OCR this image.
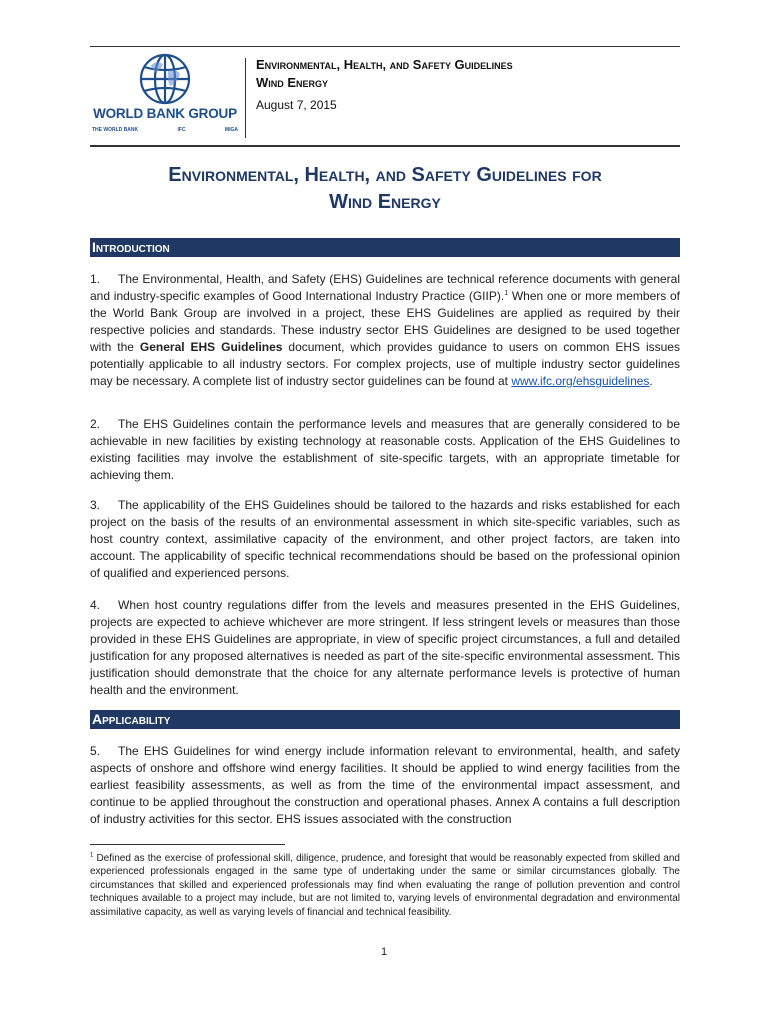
WORLD BANK GROUP
THE WORLD BANK	IFC	MIGA
Environmental, Health, and Safety Guidelines
Wind Energy
August 7, 2015
Environmental, Health, and Safety Guidelines for
Wind Energy
Introduction
1. The Environmental, Health, and Safety (EHS) Guidelines are technical reference documents with general and industry-specific examples of Good International Industry Practice (GIIP).$^1$ When one or more members of the World Bank Group are involved in a project, these EHS Guidelines are applied as required by their respective policies and standards. These industry sector EHS Guidelines are designed to be used together with the General EHS Guidelines document, which provides guidance to users on common EHS issues potentially applicable to all industry sectors. For complex projects, use of multiple industry sector guidelines may be necessary. A complete list of industry sector guidelines can be found at www.ifc.org/ehsguidelines.
2. The EHS Guidelines contain the performance levels and measures that are generally considered to be achievable in new facilities by existing technology at reasonable costs. Application of the EHS Guidelines to existing facilities may involve the establishment of site-specific targets, with an appropriate timetable for achieving them.
3. The applicability of the EHS Guidelines should be tailored to the hazards and risks established for each project on the basis of the results of an environmental assessment in which site-specific variables, such as host country context, assimilative capacity of the environment, and other project factors, are taken into account. The applicability of specific technical recommendations should be based on the professional opinion of qualified and experienced persons.
4. When host country regulations differ from the levels and measures presented in the EHS Guidelines, projects are expected to achieve whichever are more stringent. If less stringent levels or measures than those provided in these EHS Guidelines are appropriate, in view of specific project circumstances, a full and detailed justification for any proposed alternatives is needed as part of the site-specific environmental assessment. This justification should demonstrate that the choice for any alternate performance levels is protective of human health and the environment.
Applicability
5. The EHS Guidelines for wind energy include information relevant to environmental, health, and safety aspects of onshore and offshore wind energy facilities. It should be applied to wind energy facilities from the earliest feasibility assessments, as well as from the time of the environmental impact assessment, and continue to be applied throughout the construction and operational phases. Annex A contains a full description of industry activities for this sector. EHS issues associated with the construction
$^1$ Defined as the exercise of professional skill, diligence, prudence, and foresight that would be reasonably expected from skilled and experienced professionals engaged in the same type of undertaking under the same or similar circumstances globally. The circumstances that skilled and experienced professionals may find when evaluating the range of pollution prevention and control techniques available to a project may include, but are not limited to, varying levels of environmental degradation and environmental assimilative capacity, as well as varying levels of financial and technical feasibility.
1
